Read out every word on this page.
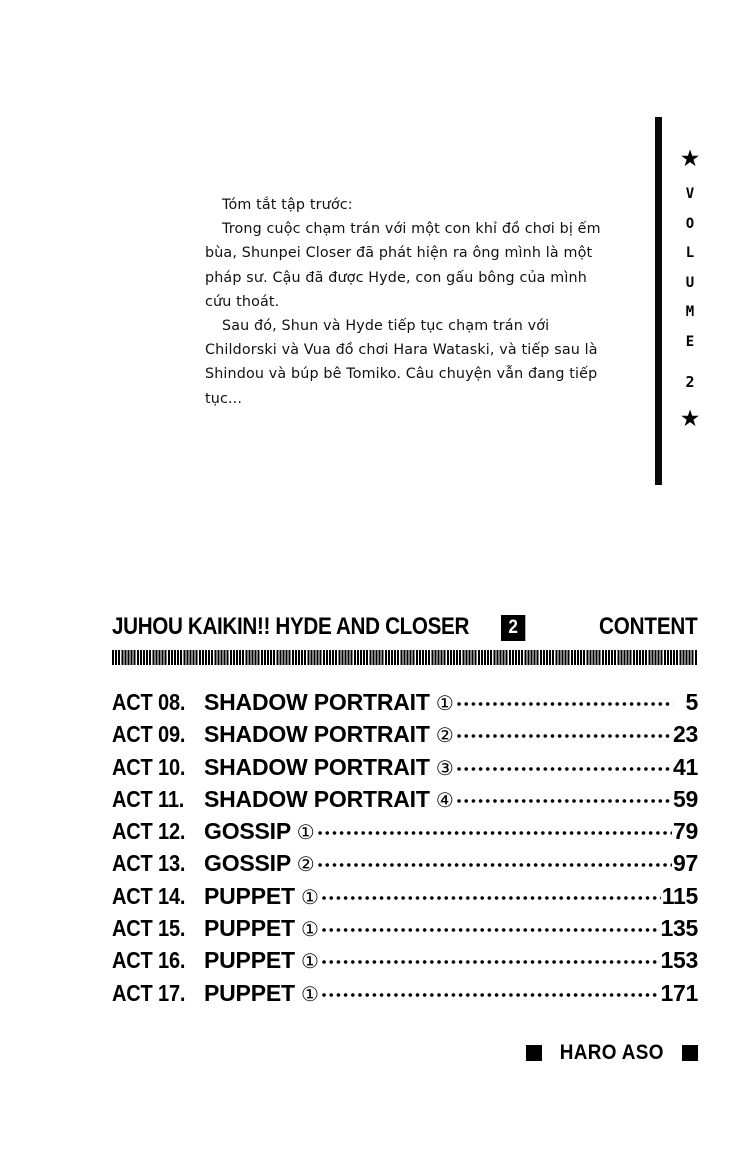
Tóm tắt tập trước:

Trong cuộc chạm trán với một con khỉ đồ chơi bị ếm bùa, Shunpei Closer đã phát hiện ra ông mình là một pháp sư. Cậu đã được Hyde, con gấu bông của mình cứu thoát.

Sau đó, Shun và Hyde tiếp tục chạm trán với Childorski và Vua đồ chơi Hara Wataski, và tiếp sau là Shindou và búp bê Tomiko. Câu chuyện vẫn đang tiếp tục...

★
V
O
L
U
M
E
2
★
JUHOU KAIKIN!! HYDE AND CLOSER	2	CONTENT
ACT 08. SHADOW PORTRAIT ①	5
ACT 09. SHADOW PORTRAIT ②	23
ACT 10. SHADOW PORTRAIT ③	41
ACT 11. SHADOW PORTRAIT ④	59
ACT 12. GOSSIP ①	79
ACT 13. GOSSIP ②	97
ACT 14. PUPPET ①	115
ACT 15. PUPPET ①	135
ACT 16. PUPPET ①	153
ACT 17. PUPPET ①	171
HARO ASO
